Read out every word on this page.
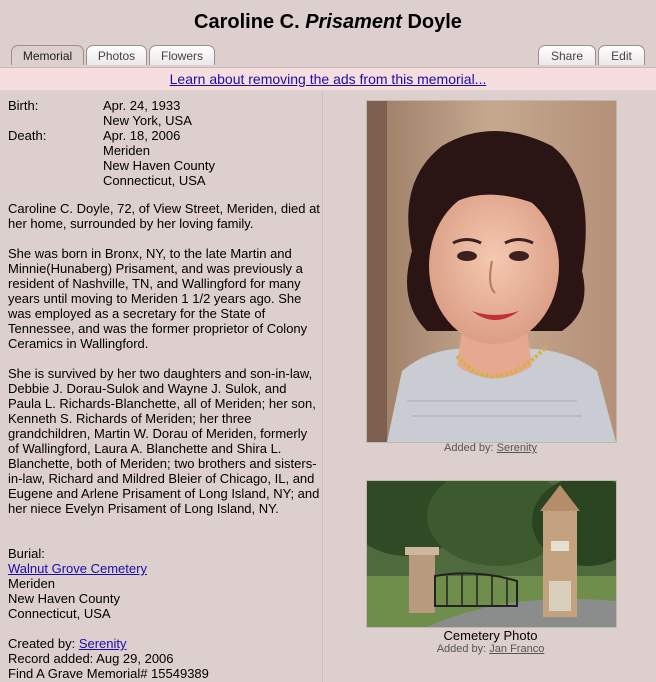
Caroline C. Prisament Doyle
Memorial	Photos	Flowers	Share	Edit
Learn about removing the ads from this memorial...
Birth:	Apr. 24, 1933
New York, USA
Death:	Apr. 18, 2006
Meriden
New Haven County
Connecticut, USA
Caroline C. Doyle, 72, of View Street, Meriden, died at her home, surrounded by her loving family.
She was born in Bronx, NY, to the late Martin and Minnie(Hunaberg) Prisament, and was previously a resident of Nashville, TN, and Wallingford for many years until moving to Meriden 1 1/2 years ago. She was employed as a secretary for the State of Tennessee, and was the former proprietor of Colony Ceramics in Wallingford.
She is survived by her two daughters and son-in-law, Debbie J. Dorau-Sulok and Wayne J. Sulok, and Paula L. Richards-Blanchette, all of Meriden; her son, Kenneth S. Richards of Meriden; her three grandchildren, Martin W. Dorau of Meriden, formerly of Wallingford, Laura A. Blanchette and Shira L. Blanchette, both of Meriden; two brothers and sisters-in-law, Richard and Mildred Bleier of Chicago, IL, and Eugene and Arlene Prisament of Long Island, NY; and her niece Evelyn Prisament of Long Island, NY.
Burial:
Walnut Grove Cemetery
Meriden
New Haven County
Connecticut, USA
Created by: Serenity
Record added: Aug 29, 2006
Find A Grave Memorial# 15549389
Added by: Serenity
Cemetery Photo
Added by: Jan Franco
